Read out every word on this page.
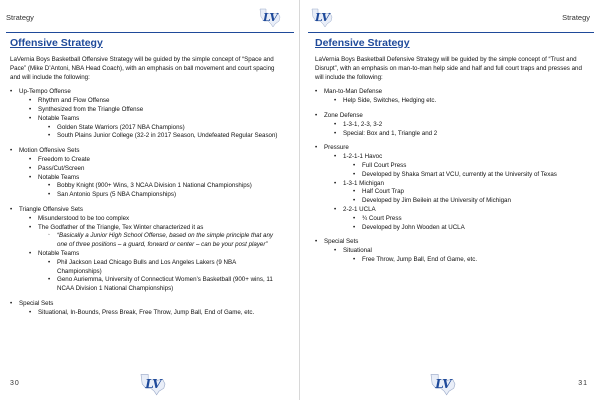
Strategy	LV
Offensive Strategy
LaVernia Boys Basketball Offensive Strategy will be guided by the simple concept of “Space and Pace” (Mike D’Antoni, NBA Head Coach), with an emphasis on ball movement and court spacing and will include the following:
• Up-Tempo Offense
• Rhythm and Flow Offense
• Synthesized from the Triangle Offense
• Notable Teams
• Golden State Warriors (2017 NBA Champions)
• South Plains Junior College (32-2 in 2017 Season, Undefeated Regular Season)
• Motion Offensive Sets
• Freedom to Create
• Pass/Cut/Screen
• Notable Teams
• Bobby Knight (900+ Wins, 3 NCAA Division 1 National Championships)
• San Antonio Spurs (5 NBA Championships)
• Triangle Offensive Sets
• Misunderstood to be too complex
• The Godfather of the Triangle, Tex Winter characterized it as
◦ “Basically a Junior High School Offense, based on the simple principle that any one of three positions – a guard, forward or center – can be your post player”
• Notable Teams
• Phil Jackson Lead Chicago Bulls and Los Angeles Lakers (9 NBA Championships)
• Geno Auriemma, University of Connecticut Women’s Basketball (900+ wins, 11 NCAA Division 1 National Championships)
• Special Sets
• Situational, In-Bounds, Press Break, Free Throw, Jump Ball, End of Game, etc.
30	LV
LV	Strategy
Defensive Strategy
LaVernia Boys Basketball Defensive Strategy will be guided by the simple concept of “Trust and Disrupt”, with an emphasis on man-to-man help side and half and full court traps and presses and will include the following:
• Man-to-Man Defense
• Help Side, Switches, Hedging etc.
• Zone Defense
• 1-3-1, 2-3, 3-2
• Special: Box and 1, Triangle and 2
• Pressure
• 1-2-1-1 Havoc
• Full Court Press
• Developed by Shaka Smart at VCU, currently at the University of Texas
• 1-3-1 Michigan
• Half Court Trap
• Developed by Jim Beilein at the University of Michigan
• 2-2-1 UCLA
• ¾ Court Press
• Developed by John Wooden at UCLA
• Special Sets
• Situational
• Free Throw, Jump Ball, End of Game, etc.
LV	31
